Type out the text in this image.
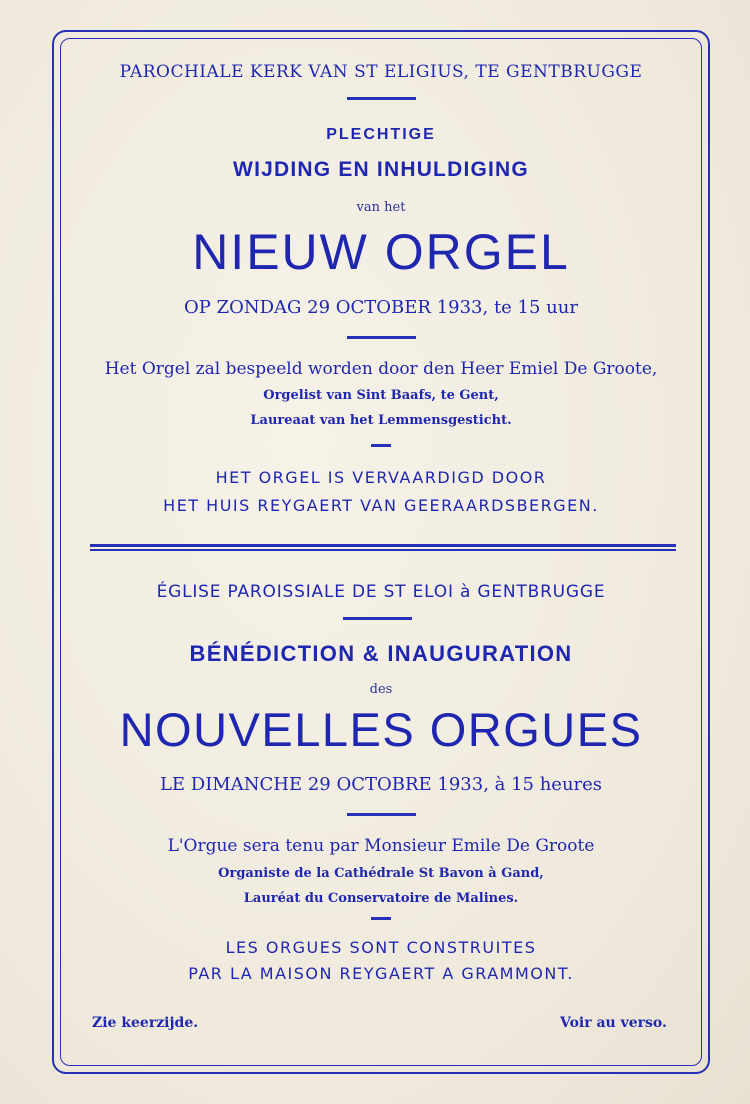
PAROCHIALE KERK VAN ST ELIGIUS, TE GENTBRUGGE
PLECHTIGE
WIJDING EN INHULDIGING
van het
NIEUW ORGEL
OP ZONDAG 29 OCTOBER 1933, te 15 uur
Het Orgel zal bespeeld worden door den Heer Emiel De Groote,
Orgelist van Sint Baafs, te Gent,
Laureaat van het Lemmensgesticht.
HET ORGEL IS VERVAARDIGD DOOR
HET HUIS REYGAERT VAN GEERAARDSBERGEN.
ÉGLISE PAROISSIALE DE ST ELOI à GENTBRUGGE
BÉNÉDICTION & INAUGURATION
des
NOUVELLES ORGUES
LE DIMANCHE 29 OCTOBRE 1933, à 15 heures
L'Orgue sera tenu par Monsieur Emile De Groote
Organiste de la Cathédrale St Bavon à Gand,
Lauréat du Conservatoire de Malines.
LES ORGUES SONT CONSTRUITES
PAR LA MAISON REYGAERT A GRAMMONT.
Zie keerzijde.	Voir au verso.
